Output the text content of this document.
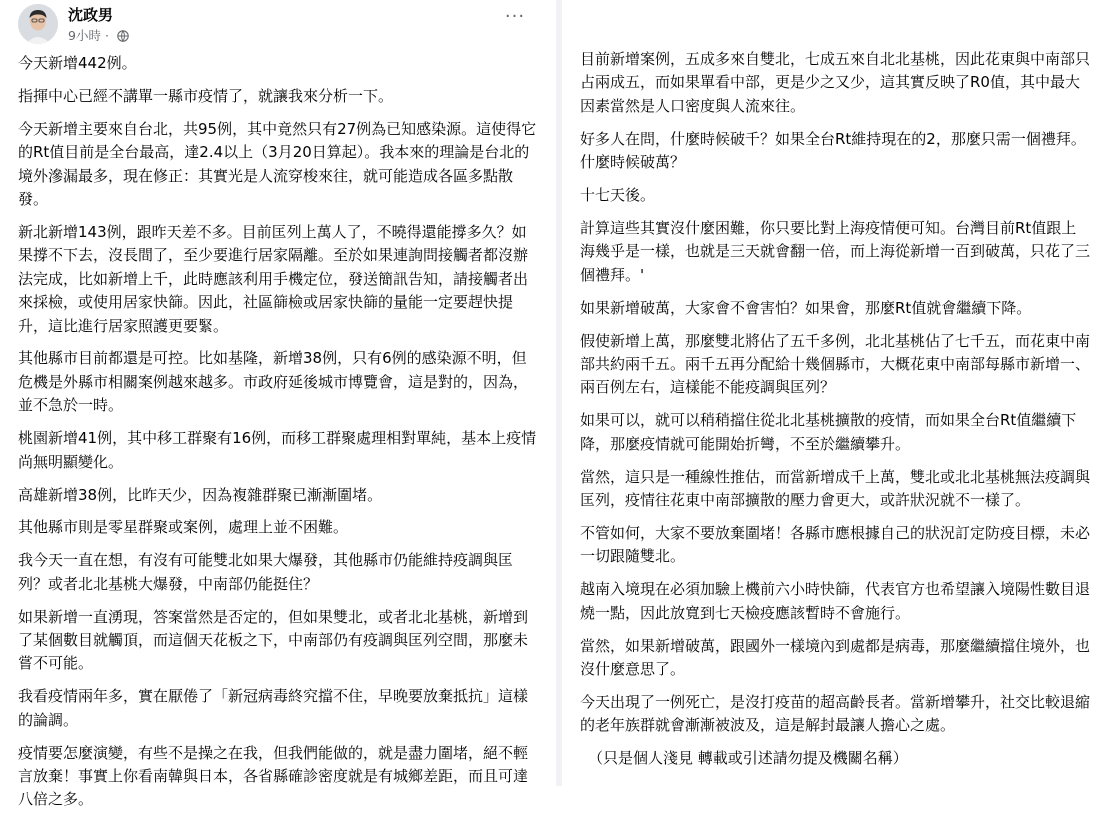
沈政男
9小時 ·
···

今天新增442例。

指揮中心已經不講單一縣市疫情了，就讓我來分析一下。

今天新增主要來自台北，共95例，其中竟然只有27例為已知感染源。這使得它的Rt值目前是全台最高，達2.4以上（3月20日算起）。我本來的理論是台北的境外滲漏最多，現在修正：其實光是人流穿梭來往，就可能造成各區多點散發。

新北新增143例，跟昨天差不多。目前匡列上萬人了，不曉得還能撐多久？如果撐不下去，沒長間了，至少要進行居家隔離。至於如果連詢問接觸者都沒辦法完成，比如新增上千，此時應該利用手機定位，發送簡訊告知，請接觸者出來採檢，或使用居家快篩。因此，社區篩檢或居家快篩的量能一定要趕快提升，這比進行居家照護更要緊。

其他縣市目前都還是可控。比如基隆，新增38例，只有6例的感染源不明，但危機是外縣市相關案例越來越多。市政府延後城市博覽會，這是對的，因為，並不急於一時。

桃園新增41例，其中移工群聚有16例，而移工群聚處理相對單純，基本上疫情尚無明顯變化。

高雄新增38例，比昨天少，因為複雜群聚已漸漸圍堵。

其他縣市則是零星群聚或案例，處理上並不困難。

我今天一直在想，有沒有可能雙北如果大爆發，其他縣市仍能維持疫調與匡列？或者北北基桃大爆發，中南部仍能挺住？

如果新增一直湧現，答案當然是否定的，但如果雙北，或者北北基桃，新增到了某個數目就觸頂，而這個天花板之下，中南部仍有疫調與匡列空間，那麼未嘗不可能。

我看疫情兩年多，實在厭倦了「新冠病毒終究擋不住，早晚要放棄抵抗」這樣的論調。

疫情要怎麼演變，有些不是操之在我，但我們能做的，就是盡力圍堵，絕不輕言放棄！事實上你看南韓與日本，各省縣確診密度就是有城鄉差距，而且可達八倍之多。

目前新增案例，五成多來自雙北，七成五來自北北基桃，因此花東與中南部只占兩成五，而如果單看中部，更是少之又少，這其實反映了R0值，其中最大因素當然是人口密度與人流來往。

好多人在問，什麼時候破千？如果全台Rt維持現在的2，那麼只需一個禮拜。什麼時候破萬？

十七天後。

計算這些其實沒什麼困難，你只要比對上海疫情便可知。台灣目前Rt值跟上海幾乎是一樣，也就是三天就會翻一倍，而上海從新增一百到破萬，只花了三個禮拜。'

如果新增破萬，大家會不會害怕？如果會，那麼Rt值就會繼續下降。

假使新增上萬，那麼雙北將佔了五千多例，北北基桃佔了七千五，而花東中南部共約兩千五。兩千五再分配給十幾個縣市，大概花東中南部每縣市新增一、兩百例左右，這樣能不能疫調與匡列？

如果可以，就可以稍稍擋住從北北基桃擴散的疫情，而如果全台Rt值繼續下降，那麼疫情就可能開始折彎，不至於繼續攀升。

當然，這只是一種線性推估，而當新增成千上萬，雙北或北北基桃無法疫調與匡列，疫情往花東中南部擴散的壓力會更大，或許狀況就不一樣了。

不管如何，大家不要放棄圍堵！各縣市應根據自己的狀況訂定防疫目標，未必一切跟隨雙北。

越南入境現在必須加驗上機前六小時快篩，代表官方也希望讓入境陽性數目退燒一點，因此放寬到七天檢疫應該暫時不會施行。

當然，如果新增破萬，跟國外一樣境內到處都是病毒，那麼繼續擋住境外，也沒什麼意思了。

今天出現了一例死亡，是沒打疫苗的超高齡長者。當新增攀升，社交比較退縮的老年族群就會漸漸被波及，這是解封最讓人擔心之處。

（只是個人淺見 轉載或引述請勿提及機關名稱）
